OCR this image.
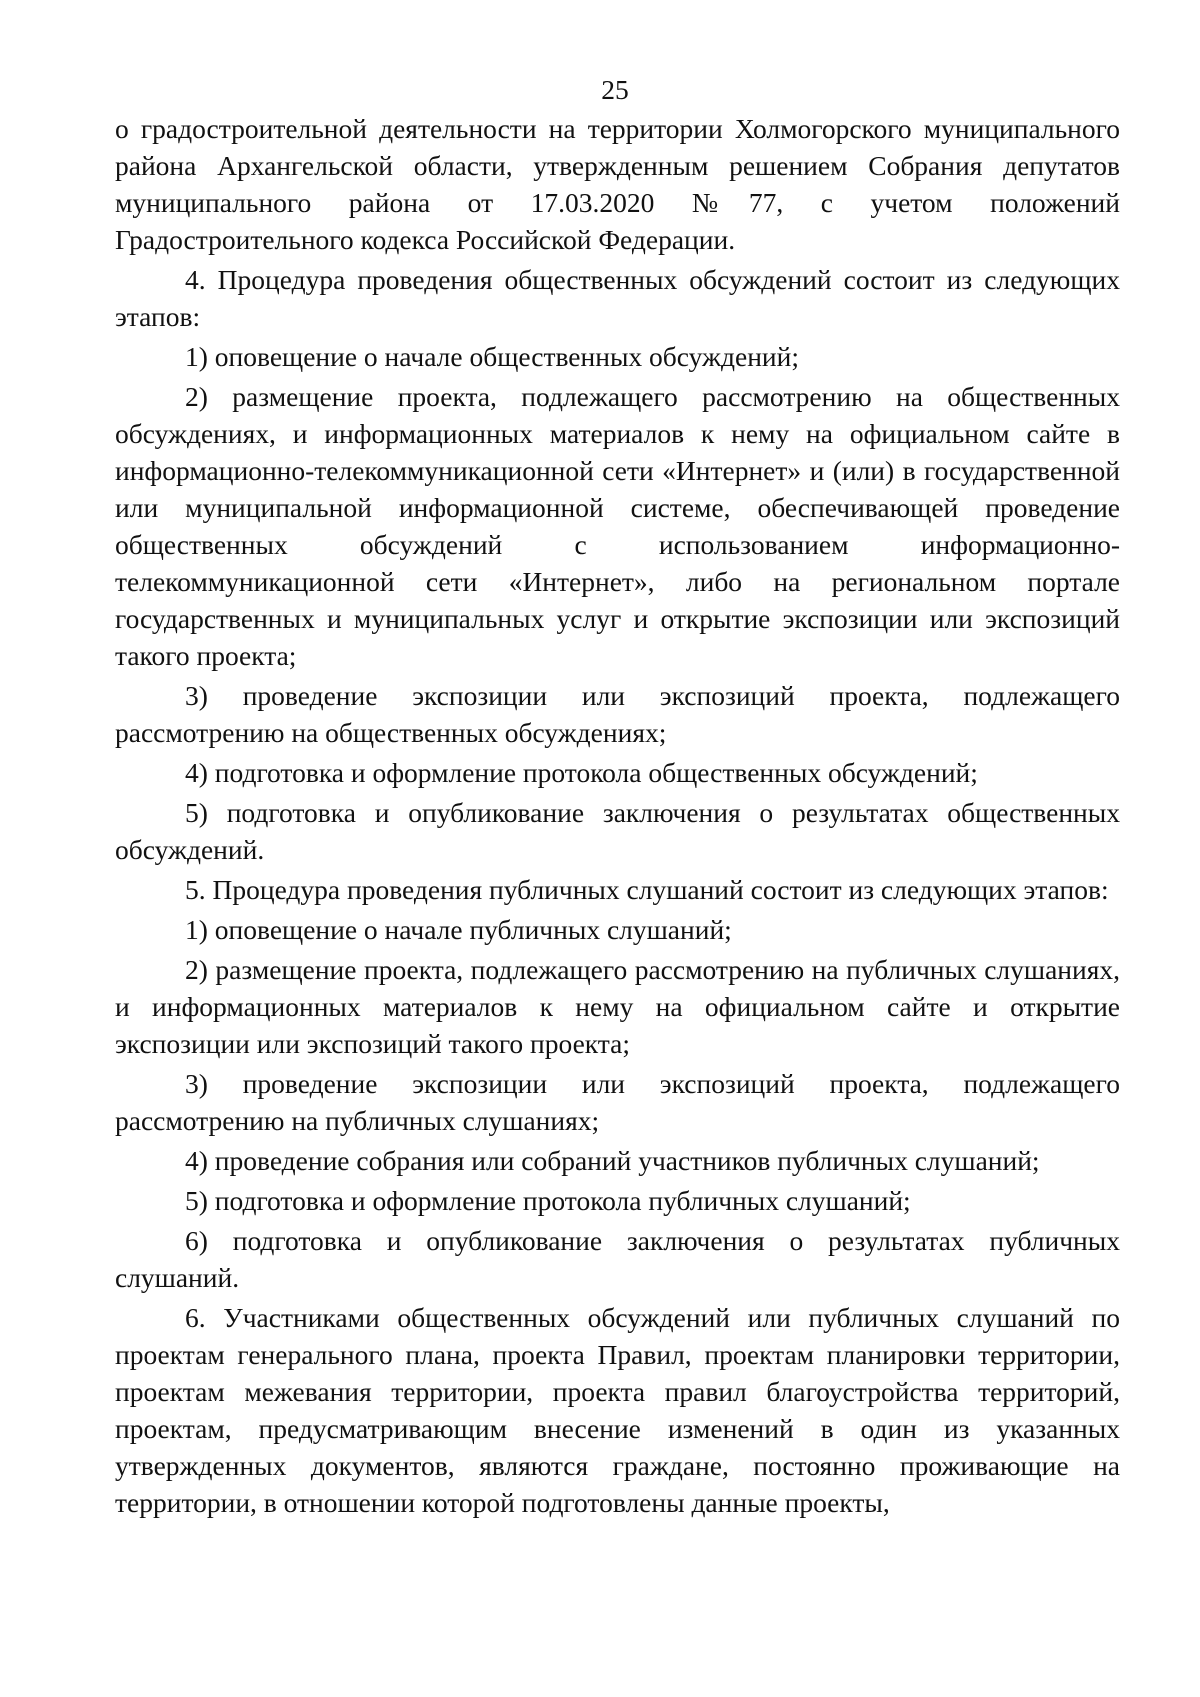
25

о градостроительной деятельности на территории Холмогорского муниципального района Архангельской области, утвержденным решением Собрания депутатов муниципального района от 17.03.2020 №77, с учетом положений Градостроительного кодекса Российской Федерации.

4. Процедура проведения общественных обсуждений состоит из следующих этапов:

1) оповещение о начале общественных обсуждений;

2) размещение проекта, подлежащего рассмотрению на общественных обсуждениях, и информационных материалов к нему на официальном сайте в информационно-телекоммуникационной сети «Интернет» и (или) в государственной или муниципальной информационной системе, обеспечивающей проведение общественных обсуждений с использованием информационно-телекоммуникационной сети «Интернет», либо на региональном портале государственных и муниципальных услуг и открытие экспозиции или экспозиций такого проекта;

3) проведение экспозиции или экспозиций проекта, подлежащего рассмотрению на общественных обсуждениях;

4) подготовка и оформление протокола общественных обсуждений;

5) подготовка и опубликование заключения о результатах общественных обсуждений.

5. Процедура проведения публичных слушаний состоит из следующих этапов:

1) оповещение о начале публичных слушаний;

2) размещение проекта, подлежащего рассмотрению на публичных слушаниях, и информационных материалов к нему на официальном сайте и открытие экспозиции или экспозиций такого проекта;

3) проведение экспозиции или экспозиций проекта, подлежащего рассмотрению на публичных слушаниях;

4) проведение собрания или собраний участников публичных слушаний;

5) подготовка и оформление протокола публичных слушаний;

6) подготовка и опубликование заключения о результатах публичных слушаний.

6. Участниками общественных обсуждений или публичных слушаний по проектам генерального плана, проекта Правил, проектам планировки территории, проектам межевания территории, проекта правил благоустройства территорий, проектам, предусматривающим внесение изменений в один из указанных утвержденных документов, являются граждане, постоянно проживающие на территории, в отношении которой подготовлены данные проекты,
